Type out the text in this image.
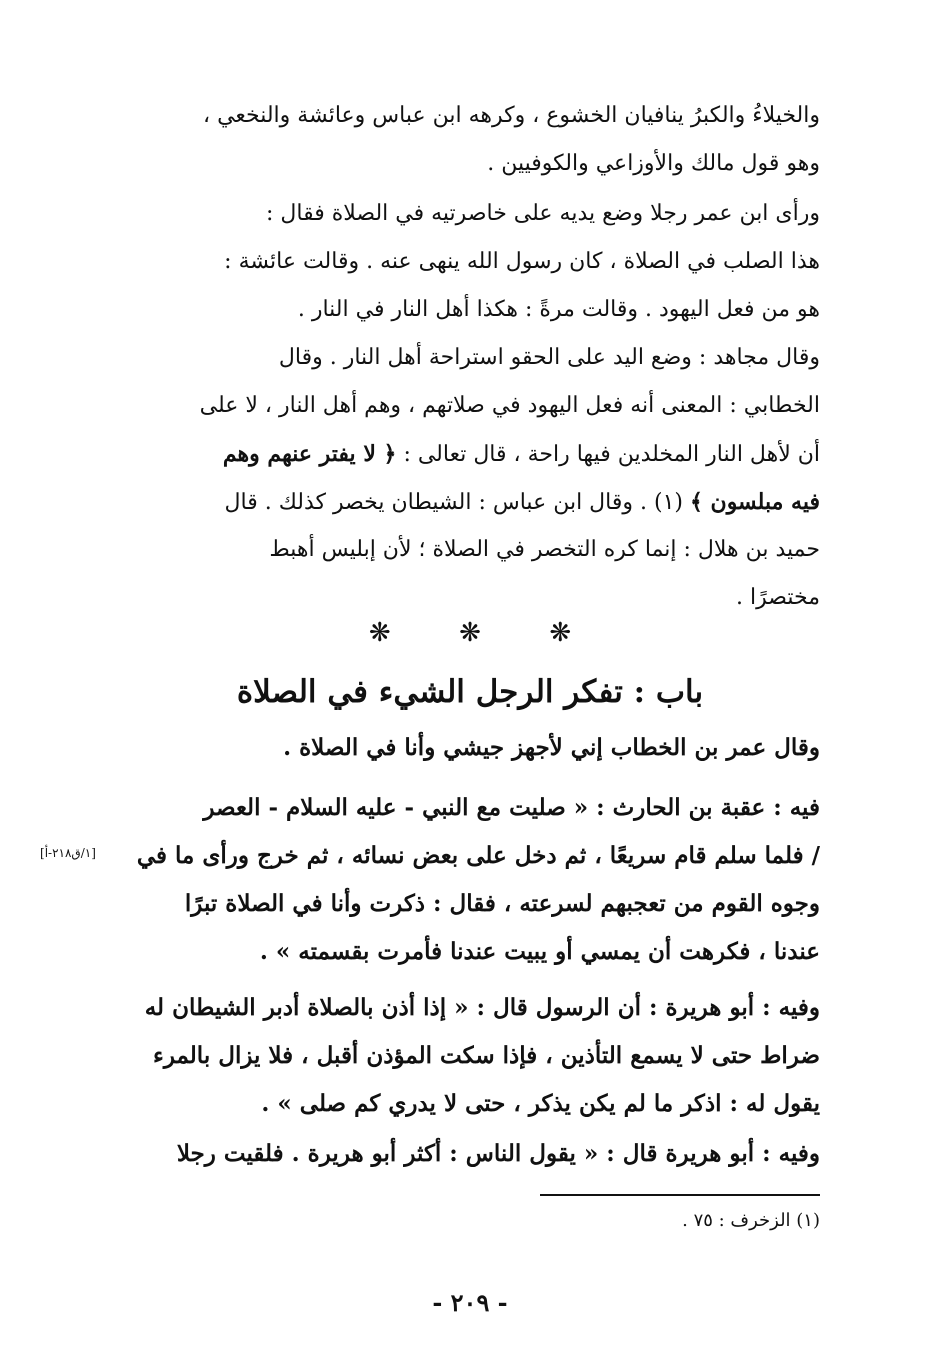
والخيلاءُ والكبرُ ينافيان الخشوع ، وكرهه ابن عباس وعائشة والنخعي ،
وهو قول مالك والأوزاعي والكوفيين .
ورأى ابن عمر رجلا وضع يديه على خاصرتيه في الصلاة فقال :
هذا الصلب في الصلاة ، كان رسول الله ينهى عنه . وقالت عائشة :
هو من فعل اليهود . وقالت مرةً : هكذا أهل النار في النار .
وقال مجاهد : وضع اليد على الحقو استراحة أهل النار . وقال
الخطابي : المعنى أنه فعل اليهود في صلاتهم ، وهم أهل النار ، لا على
أن لأهل النار المخلدين فيها راحة ، قال تعالى : ﴿ لا يفتر عنهم وهم
فيه مبلسون ﴾ (١) . وقال ابن عباس : الشيطان يخصر كذلك . قال
حميد بن هلال : إنما كره التخصر في الصلاة ؛ لأن إبليس أهبط
مختصرًا .
❋	❋	❋
باب : تفكر الرجل الشيء في الصلاة
وقال عمر بن الخطاب إني لأجهز جيشي وأنا في الصلاة .
فيه : عقبة بن الحارث : « صليت مع النبي - عليه السلام - العصر
/ فلما سلم قام سريعًا ، ثم دخل على بعض نسائه ، ثم خرج ورأى ما في
وجوه القوم من تعجبهم لسرعته ، فقال : ذكرت وأنا في الصلاة تبرًا
عندنا ، فكرهت أن يمسي أو يبيت عندنا فأمرت بقسمته » .
[١/ق٢١٨-أ]
وفيه : أبو هريرة : أن الرسول قال : « إذا أذن بالصلاة أدبر الشيطان له
ضراط حتى لا يسمع التأذين ، فإذا سكت المؤذن أقبل ، فلا يزال بالمرء
يقول له : اذكر ما لم يكن يذكر ، حتى لا يدري كم صلى » .
وفيه : أبو هريرة قال : « يقول الناس : أكثر أبو هريرة . فلقيت رجلا
(١) الزخرف : ٧٥ .
- ٢٠٩ -
